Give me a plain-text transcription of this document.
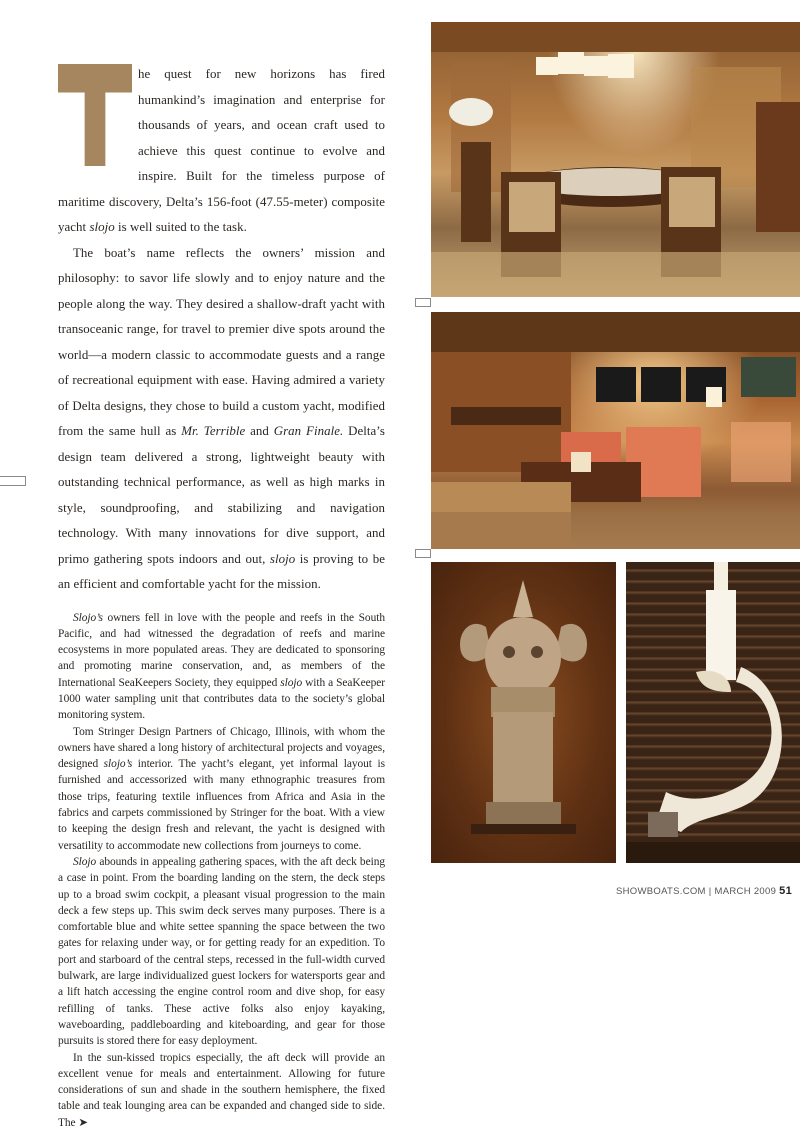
T
he quest for new horizons has fired humankind’s imagination and enterprise for thousands of years, and ocean craft used to achieve this quest continue to evolve and inspire. Built for the timeless purpose of maritime discovery, Delta’s 156-foot (47.55-meter) composite yacht slojo is well suited to the task.

The boat’s name reflects the owners’ mission and philosophy: to savor life slowly and to enjoy nature and the people along the way. They desired a shallow-draft yacht with transoceanic range, for travel to premier dive spots around the world—a modern classic to accommodate guests and a range of recreational equipment with ease. Having admired a variety of Delta designs, they chose to build a custom yacht, modified from the same hull as Mr. Terrible and Gran Finale. Delta’s design team delivered a strong, lightweight beauty with outstanding technical performance, as well as high marks in style, soundproofing, and stabilizing and navigation technology. With many innovations for dive support, and primo gathering spots indoors and out, slojo is proving to be an efficient and comfortable yacht for the mission.

Slojo’s owners fell in love with the people and reefs in the South Pacific, and had witnessed the degradation of reefs and marine ecosystems in more populated areas. They are dedicated to sponsoring and promoting marine conservation, and, as members of the International SeaKeepers Society, they equipped slojo with a SeaKeeper 1000 water sampling unit that contributes data to the society’s global monitoring system.

Tom Stringer Design Partners of Chicago, Illinois, with whom the owners have shared a long history of architectural projects and voyages, designed slojo’s interior. The yacht’s elegant, yet informal layout is furnished and accessorized with many ethnographic treasures from those trips, featuring textile influences from Africa and Asia in the fabrics and carpets commissioned by Stringer for the boat. With a view to keeping the design fresh and relevant, the yacht is designed with versatility to accommodate new collections from journeys to come.

Slojo abounds in appealing gathering spaces, with the aft deck being a case in point. From the boarding landing on the stern, the deck steps up to a broad swim cockpit, a pleasant visual progression to the main deck a few steps up. This swim deck serves many purposes. There is a comfortable blue and white settee spanning the space between the two gates for relaxing under way, or for getting ready for an expedition. To port and starboard of the central steps, recessed in the full-width curved bulwark, are large individualized guest lockers for watersports gear and a lift hatch accessing the engine control room and dive shop, for easy refilling of tanks. These active folks also enjoy kayaking, waveboarding, paddleboarding and kiteboarding, and gear for those pursuits is stored there for easy deployment.

In the sun-kissed tropics especially, the aft deck will provide an excellent venue for meals and entertainment. Allowing for future considerations of sun and shade in the southern hemisphere, the fixed table and teak lounging area can be expanded and changed side to side. The ➤

SHOWBOATS.COM | MARCH 2009 51
